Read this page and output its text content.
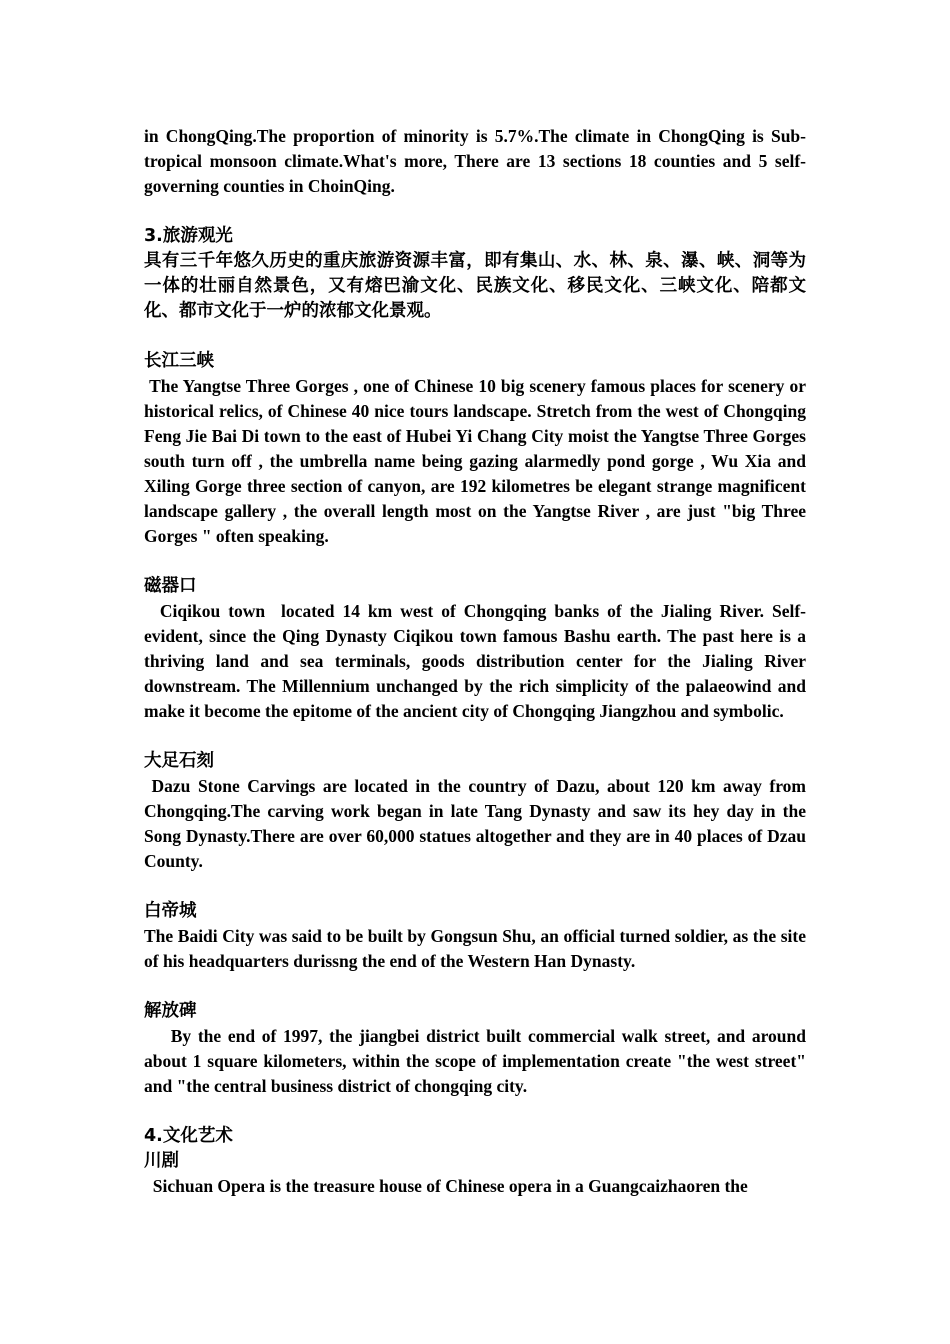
in ChongQing.The proportion of minority is 5.7%.The climate in ChongQing is Sub-tropical monsoon climate.What's more, There are 13 sections 18 counties and 5 self-governing counties in ChoinQing.

3.旅游观光

具有三千年悠久历史的重庆旅游资源丰富，即有集山、水、林、泉、瀑、峡、洞等为一体的壮丽自然景色，又有熔巴渝文化、民族文化、移民文化、三峡文化、陪都文化、都市文化于一炉的浓郁文化景观。

长江三峡

The Yangtse Three Gorges , one of Chinese 10 big scenery famous places for scenery or historical relics, of Chinese 40 nice tours landscape. Stretch from the west of Chongqing Feng Jie Bai Di town to the east of Hubei Yi Chang City moist the Yangtse Three Gorges south turn off , the umbrella name being gazing alarmedly pond gorge , Wu Xia and Xiling Gorge three section of canyon, are 192 kilometres be elegant strange magnificent landscape gallery , the overall length most on the Yangtse River , are just "big Three Gorges " often speaking.

磁器口

Ciqikou town  located 14 km west of Chongqing banks of the Jialing River. Self-evident, since the Qing Dynasty Ciqikou town famous Bashu earth. The past here is a thriving land and sea terminals, goods distribution center for the Jialing River downstream. The Millennium unchanged by the rich simplicity of the palaeowind and make it become the epitome of the ancient city of Chongqing Jiangzhou and symbolic.

大足石刻

Dazu Stone Carvings are located in the country of Dazu, about 120 km away from Chongqing.The carving work began in late Tang Dynasty and saw its hey day in the Song Dynasty.There are over 60,000 statues altogether and they are in 40 places of Dzau County.

白帝城

The Baidi City was said to be built by Gongsun Shu, an official turned soldier, as the site of his headquarters durissng the end of the Western Han Dynasty.

解放碑

By the end of 1997, the jiangbei district built commercial walk street, and around about 1 square kilometers, within the scope of implementation create "the west street" and "the central business district of chongqing city.

4.文化艺术

川剧

Sichuan Opera is the treasure house of Chinese opera in a Guangcaizhaoren the
